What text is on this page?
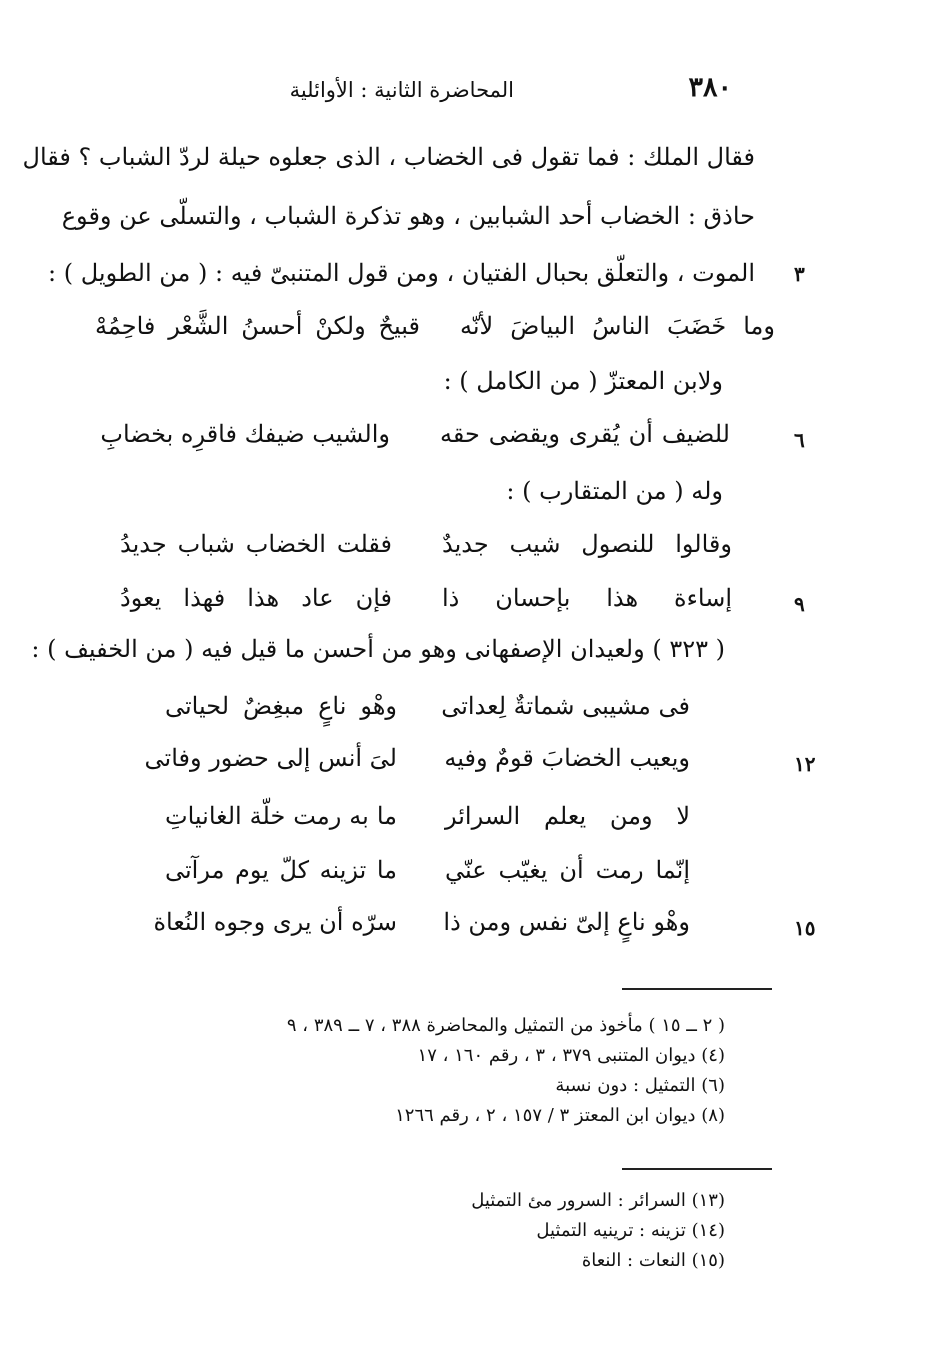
٣٨٠
المحاضرة الثانية : الأوائلية
فقال الملك : فما تقول فى الخضاب ، الذى جعلوه حيلة لردّ الشباب ؟ فقال
حاذق : الخضاب أحد الشبابين ، وهو تذكرة الشباب ، والتسلّى عن وقوع
الموت ، والتعلّق بحبال الفتيان ، ومن قول المتنبىّ فيه : ( من الطويل ) : ٣
وما خَضَبَ الناسُ البياضَ لأنّه
قبيحٌ ولكنْ أحسنُ الشَّعْر فاحِمُهْ
ولابن المعتزّ ( من الكامل ) :
٦
للضيف أن يُقرى ويقضى حقه
والشيب ضيفك فاقرِه بخضابِ
وله ( من المتقارب ) :
وقالوا للنصول شيب جديدٌ
فقلت الخضاب شباب جديدُ
٩
إساءة هذا بإحسان ذا
فإن عاد هذا فهذا يعودُ
( ٣٢٣ ) ولعيدان الإصفهانى وهو من أحسن ما قيل فيه ( من الخفيف ) :
فى مشيبى شماتةٌ لِعداتى
وهْو ناعٍ مبغِضٌ لحياتى
١٢
ويعيب الخضابَ قومٌ وفيه
لىَ أنس إلى حضور وفاتى
لا ومن يعلم السرائر
ما به رمت خلّة الغانياتِ
إنّما رمت أن يغيّب عنّي
ما تزينه كلّ يوم مرآتى
١٥
وهْو ناعٍ إلىّ نفس ومن ذا
سرّه أن يرى وجوه النُعاة
( ٢ ــ ١٥ ) مأخوذ من التمثيل والمحاضرة ٣٨٨ ، ٧ ــ ٣٨٩ ، ٩
(٤) ديوان المتنبى ٣٧٩ ، ٣ ، رقم ١٦٠ ، ١٧
(٦) التمثيل : دون نسبة
(٨) ديوان ابن المعتز ٣ / ١٥٧ ، ٢ ، رقم ١٢٦٦
(١٣) السرائر : السرور مئ التمثيل
(١٤) تزينه : ترينيه التمثيل
(١٥) النعات : النعاة
